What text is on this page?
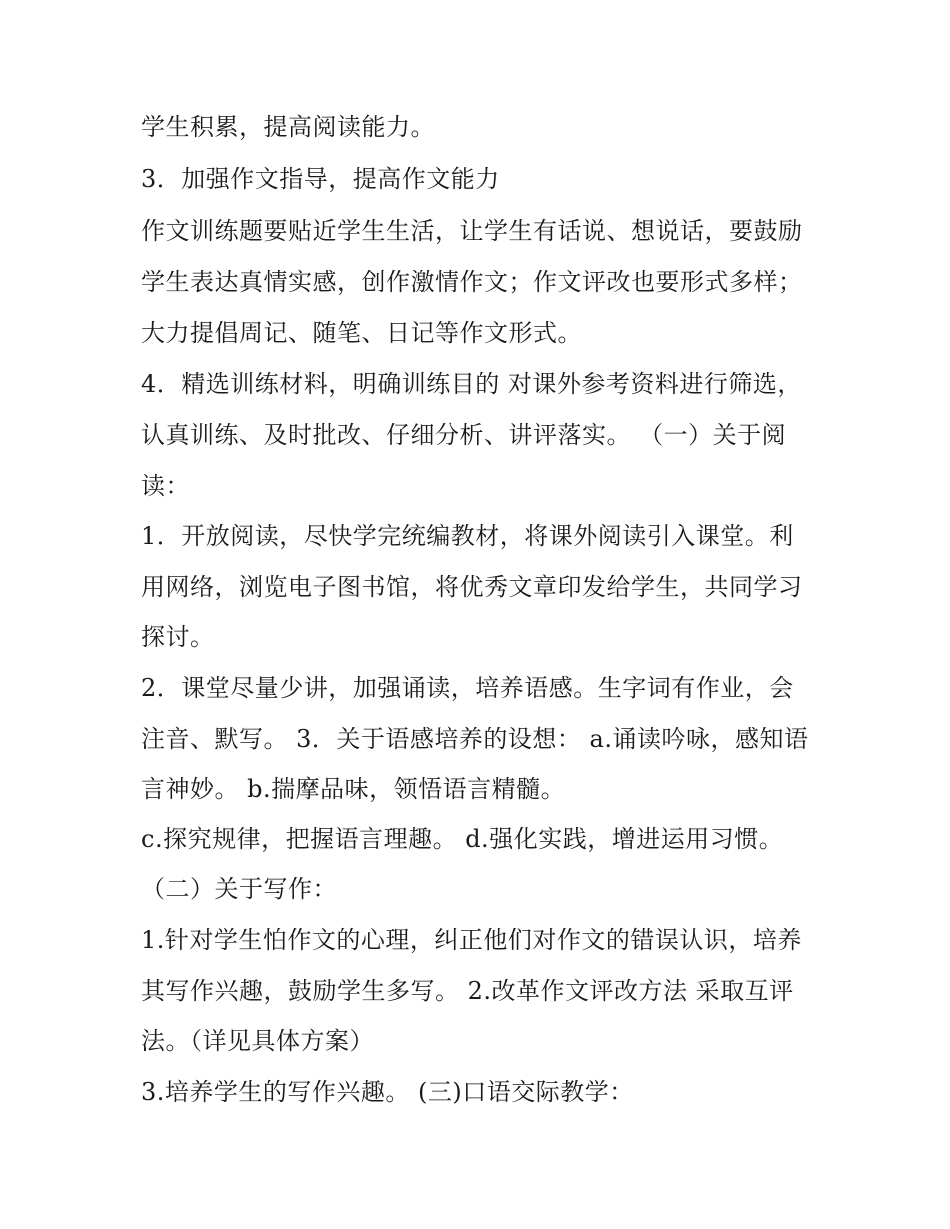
学生积累，提高阅读能力。
3．加强作文指导，提高作文能力
作文训练题要贴近学生生活，让学生有话说、想说话，要鼓励
学生表达真情实感，创作激情作文；作文评改也要形式多样；
大力提倡周记、随笔、日记等作文形式。
4．精选训练材料，明确训练目的 对课外参考资料进行筛选，
认真训练、及时批改、仔细分析、讲评落实。 （一）关于阅
读：
1．开放阅读，尽快学完统编教材，将课外阅读引入课堂。利
用网络，浏览电子图书馆，将优秀文章印发给学生，共同学习
探讨。
2．课堂尽量少讲，加强诵读，培养语感。生字词有作业，会
注音、默写。 3．关于语感培养的设想： a.诵读吟咏，感知语
言神妙。 b.揣摩品味，领悟语言精髓。
c.探究规律，把握语言理趣。 d.强化实践，增进运用习惯。
（二）关于写作：
1.针对学生怕作文的心理，纠正他们对作文的错误认识，培养
其写作兴趣，鼓励学生多写。 2.改革作文评改方法 采取互评
法。（详见具体方案）
3.培养学生的写作兴趣。 (三)口语交际教学：
